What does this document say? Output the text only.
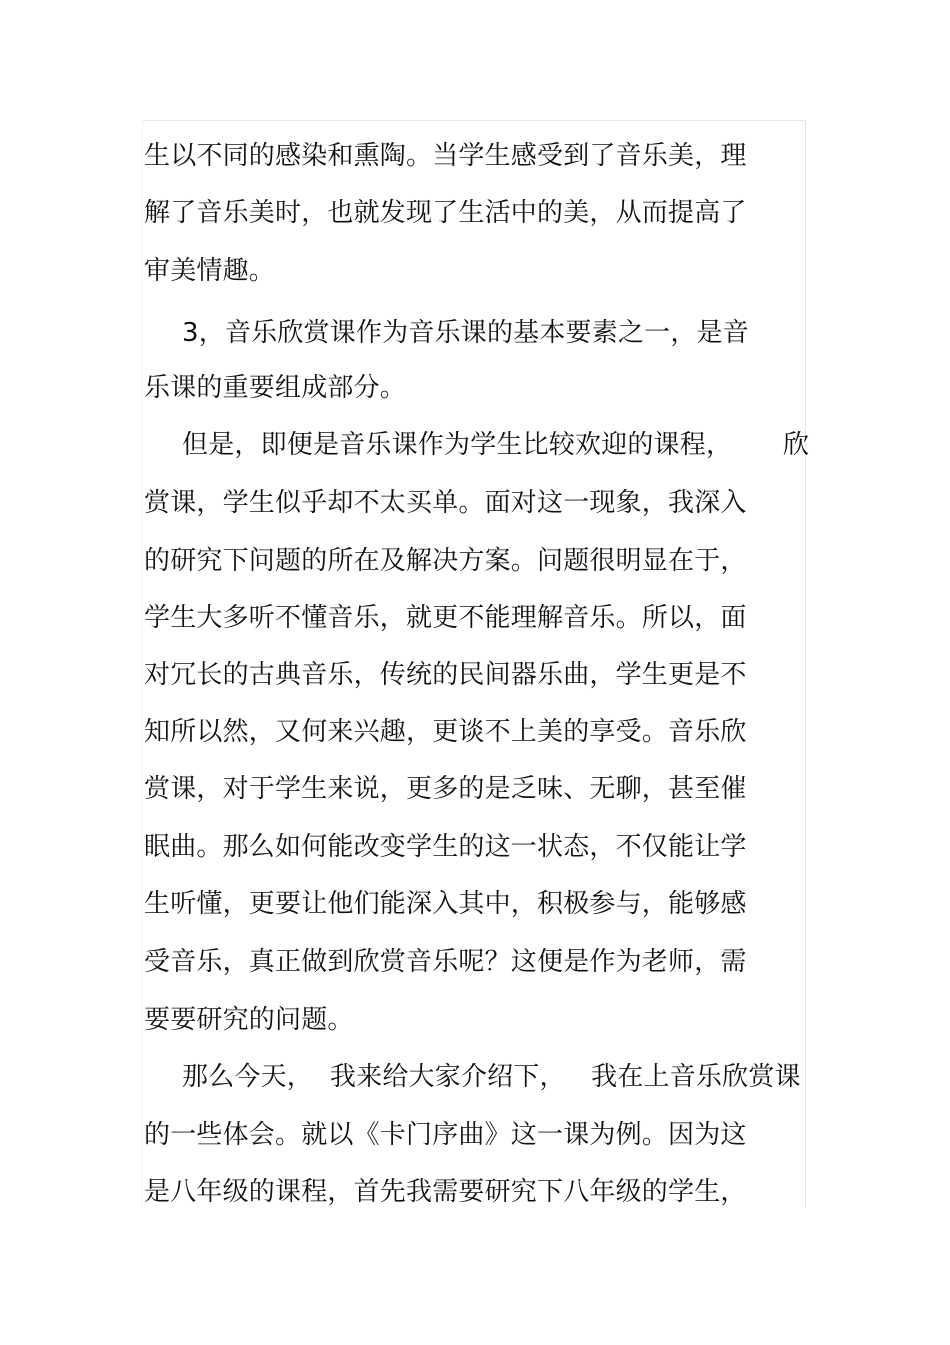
生以不同的感染和熏陶。当学生感受到了音乐美，理
解了音乐美时，也就发现了生活中的美，从而提高了
审美情趣。
3，音乐欣赏课作为音乐课的基本要素之一，是音
乐课的重要组成部分。
但是，即便是音乐课作为学生比较欢迎的课程，      欣
赏课，学生似乎却不太买单。面对这一现象，我深入
的研究下问题的所在及解决方案。问题很明显在于，
学生大多听不懂音乐，就更不能理解音乐。所以，面
对冗长的古典音乐，传统的民间器乐曲，学生更是不
知所以然，又何来兴趣，更谈不上美的享受。音乐欣
赏课，对于学生来说，更多的是乏味、无聊，甚至催
眠曲。那么如何能改变学生的这一状态，不仅能让学
生听懂，更要让他们能深入其中，积极参与，能够感
受音乐，真正做到欣赏音乐呢？这便是作为老师，需
要要研究的问题。
那么今天，  我来给大家介绍下，   我在上音乐欣赏课
的一些体会。就以《卡门序曲》这一课为例。因为这
是八年级的课程，首先我需要研究下八年级的学生，
